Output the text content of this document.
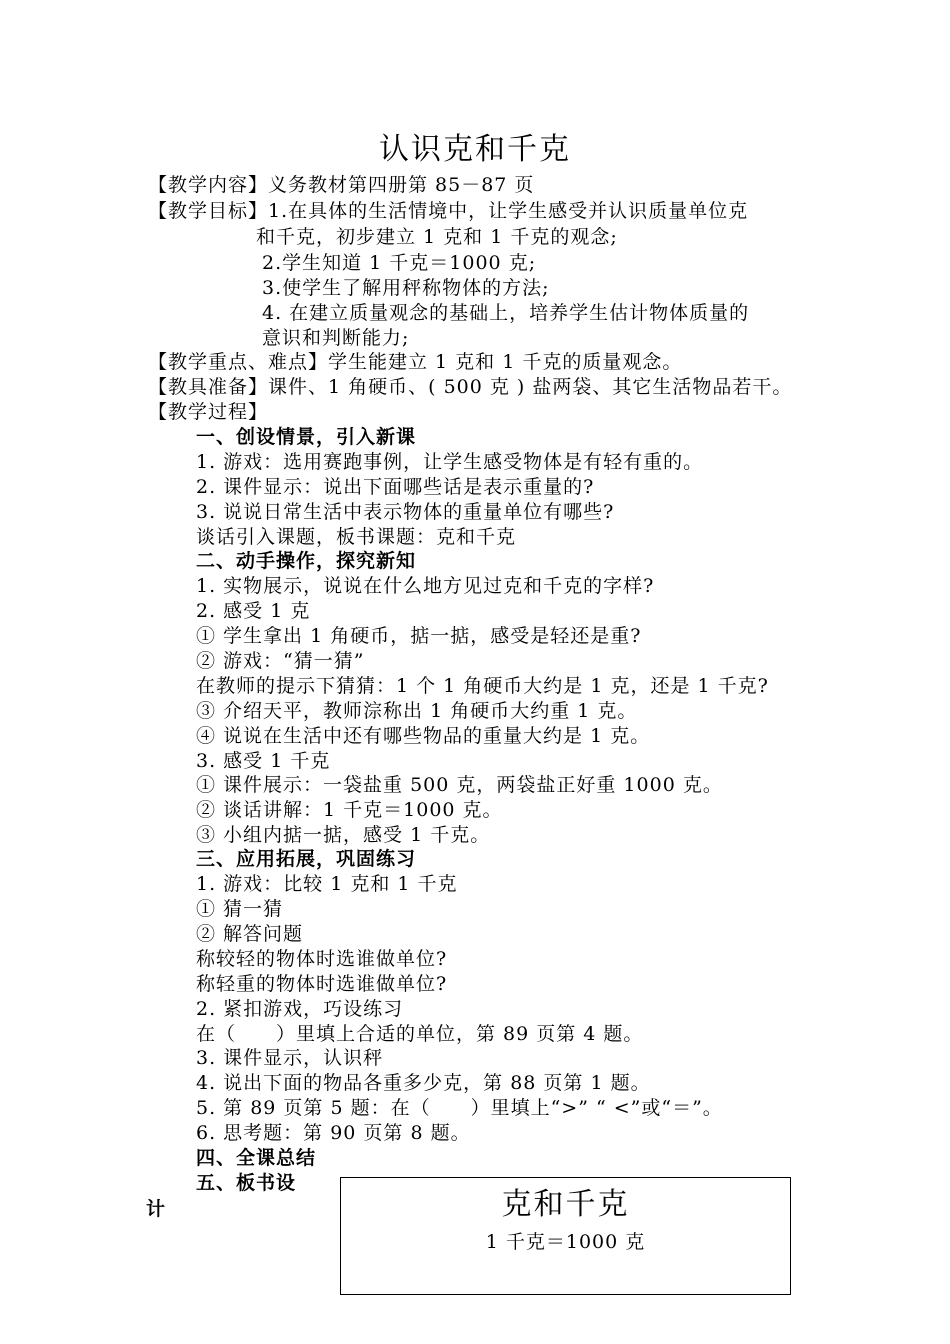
认识克和千克
【教学内容】义务教材第四册第 85－87 页
【教学目标】1.在具体的生活情境中，让学生感受并认识质量单位克
和千克，初步建立 1 克和 1 千克的观念;
2.学生知道 1 千克＝1000 克;
3.使学生了解用秤称物体的方法;
4. 在建立质量观念的基础上，培养学生估计物体质量的
意识和判断能力;
【教学重点、难点】学生能建立 1 克和 1 千克的质量观念。
【教具准备】课件、1 角硬币、( 500 克 ) 盐两袋、其它生活物品若干。
【教学过程】
一、创设情景，引入新课
1. 游戏：选用赛跑事例，让学生感受物体是有轻有重的。
2. 课件显示：说出下面哪些话是表示重量的?
3. 说说日常生活中表示物体的重量单位有哪些?
谈话引入课题，板书课题：克和千克
二、动手操作，探究新知
1. 实物展示，说说在什么地方见过克和千克的字样?
2. 感受 1 克
① 学生拿出 1 角硬币，掂一掂，感受是轻还是重?
② 游戏：“猜一猜”
在教师的提示下猜猜：1 个 1 角硬币大约是 1 克，还是 1 千克?
③ 介绍天平，教师淙称出 1 角硬币大约重 1 克。
④ 说说在生活中还有哪些物品的重量大约是 1 克。
3. 感受 1 千克
① 课件展示：一袋盐重 500 克，两袋盐正好重 1000 克。
② 谈话讲解：1 千克＝1000 克。
③ 小组内掂一掂，感受 1 千克。
三、应用拓展，巩固练习
1. 游戏：比较 1 克和 1 千克
① 猜一猜
② 解答问题
称较轻的物体时选谁做单位?
称轻重的物体时选谁做单位?
2. 紧扣游戏，巧设练习
在（　　）里填上合适的单位，第 89 页第 4 题。
3. 课件显示，认识秤
4. 说出下面的物品各重多少克，第 88 页第 1 题。
5. 第 89 页第 5 题：在（　　）里填上“>” “ <”或“＝”。
6. 思考题：第 90 页第 8 题。
四、全课总结
五、板书设
计	克和千克
1 千克＝1000 克
